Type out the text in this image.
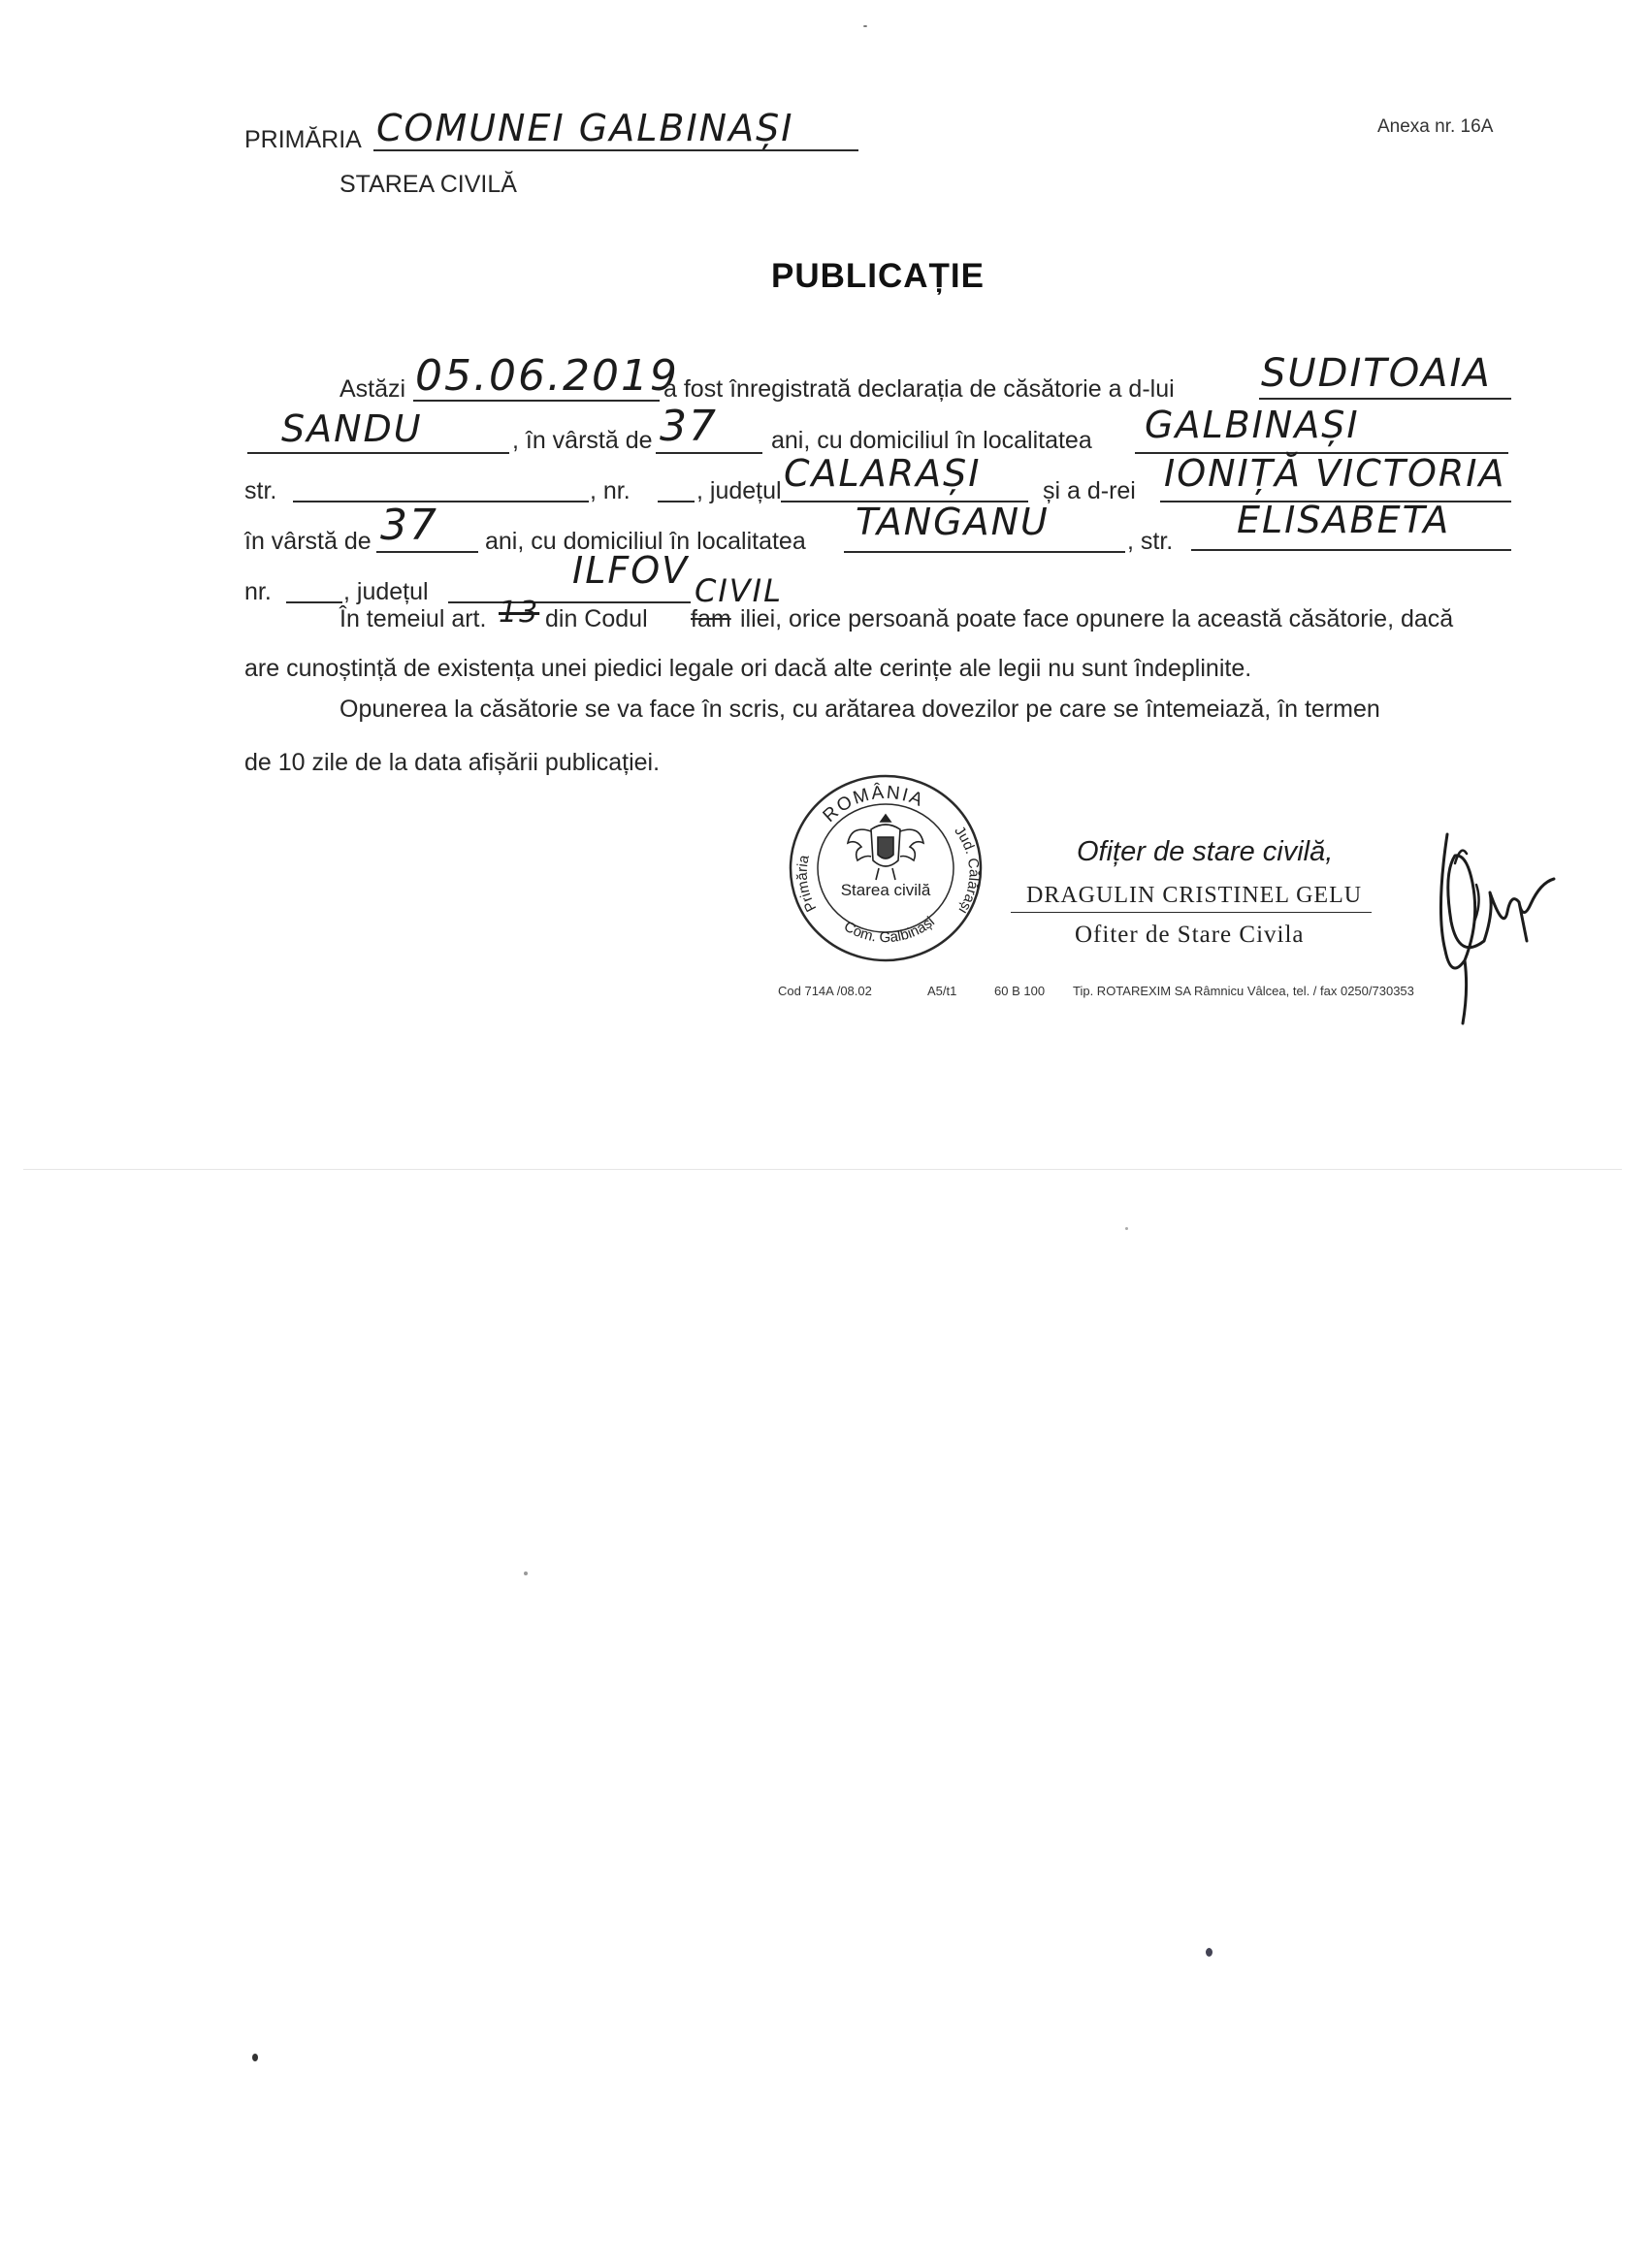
PRIMĂRIA COMUNEI GALBINAȘI
STAREA CIVILĂ
Anexa nr. 16A
PUBLICAȚIE
Astăzi 05.06.2019
a fost înregistrată declarația de căsătorie a d-lui SUDITOAIA
SANDU	, în vârstă de 37 ani, cu domiciliul în localitatea GALBINAȘI
str.	, nr.	, județul CALARAȘI	și a d-rei IONIȚĂ VICTORIA
în vârstă de 37 ani, cu domiciliul în localitatea TANGANU	, str. ELISABETA
nr.	, județul	ILFOV
În temeiul art. 13 din Codul
CIVIL
fam iliei, orice persoană poate face opunere la această căsătorie, dacă
are cunoștință de existența unei piedici legale ori dacă alte cerințe ale legii nu sunt îndeplinite.
Opunerea la căsătorie se va face în scris, cu arătarea dovezilor pe care se întemeiază, în termen
de 10 zile de la data afișării publicației.
ROMÂNIA
Primăria
Jud. Călărași
Com. Galbinași
Starea civilă
Ofițer de stare civilă,
DRAGULIN CRISTINEL GELU
Ofiter de Stare Civila
Cod 714A /08.02	A5/t1	60 B 100 Tip. ROTAREXIM SA Râmnicu Vâlcea, tel. / fax 0250/730353
